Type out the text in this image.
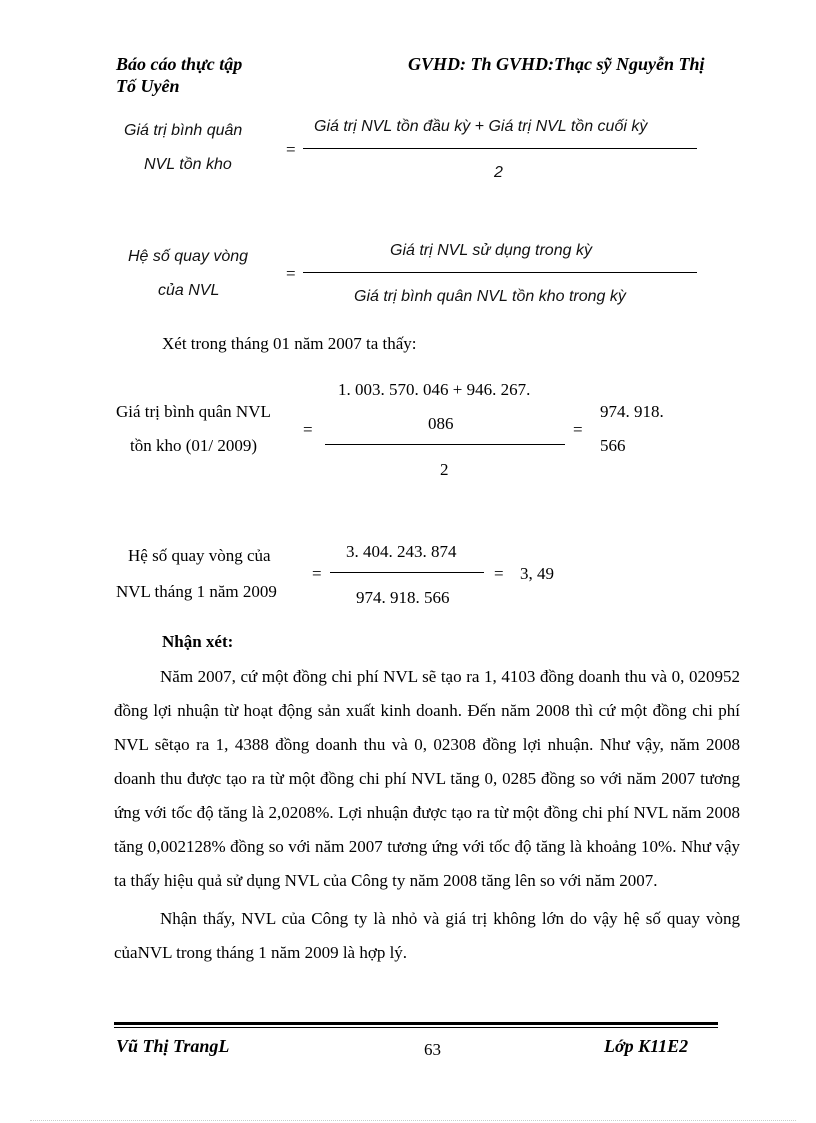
Báo cáo thực tập
Tố Uyên
GVHD: Th GVHD:Thạc sỹ Nguyễn Thị
Giá trị bình quân
NVL tồn kho
=
Giá trị NVL tồn đầu kỳ + Giá trị NVL tồn cuối kỳ
2
Hệ số quay vòng
của NVL
=
Giá trị NVL sử dụng trong kỳ
Giá trị bình quân NVL tồn kho trong kỳ
Xét trong tháng 01 năm 2007 ta thấy:
Giá trị bình quân NVL
tồn kho (01/ 2009)
=
1. 003. 570. 046 + 946. 267.
086
2
=
974. 918.
566
Hệ số quay vòng của
NVL tháng 1 năm 2009
=
3. 404. 243. 874
974. 918. 566
= 3, 49
Nhận xét:

Năm 2007, cứ một đồng chi phí NVL sẽ tạo ra 1, 4103 đồng doanh thu và 0, 020952 đồng lợi nhuận từ hoạt động sản xuất kinh doanh. Đến năm 2008 thì cứ một đồng chi phí NVL sẽtạo ra 1, 4388 đồng doanh thu và 0, 02308 đồng lợi nhuận. Như vậy, năm 2008 doanh thu được tạo ra từ một đồng chi phí NVL tăng 0, 0285 đồng so với năm 2007 tương ứng với tốc độ tăng là 2,0208%. Lợi nhuận được tạo ra từ một đồng chi phí NVL năm 2008 tăng 0,002128% đồng so với năm 2007 tương ứng với tốc độ tăng là khoảng 10%. Như vậy ta thấy hiệu quả sử dụng NVL của Công ty năm 2008 tăng lên so với năm 2007.

Nhận thấy, NVL của Công ty là nhỏ và giá trị không lớn do vậy hệ số quay vòng củaNVL trong tháng 1 năm 2009 là hợp lý.

Vũ Thị TrangL	63	Lớp K11E2
